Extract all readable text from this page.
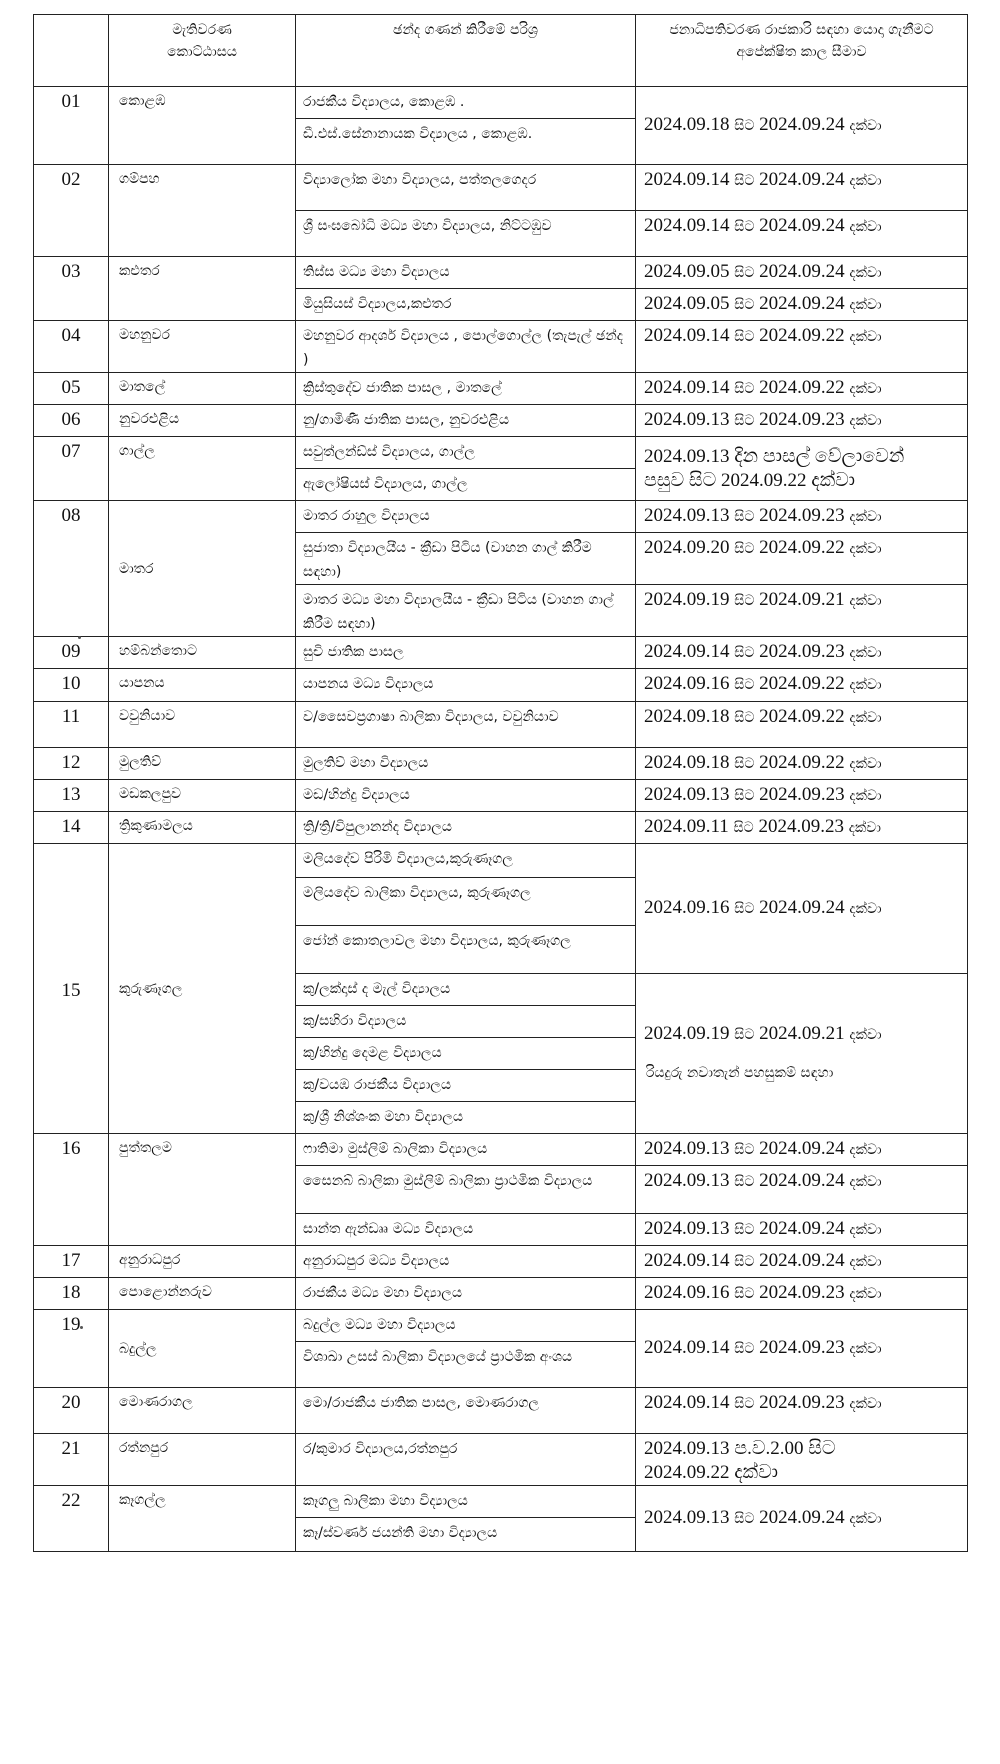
	මැතිවරණ කොට්ඨාසය	ඡන්ද ගණන් කිරීමේ පරිශ්‍ර	ජනාධිපතිවරණ රාජකාරි සඳහා යොදා ගැනීමට අපේක්ෂිත කාල සීමාව
01	කොළඹ	රාජකීය විද්‍යාලය, කොළඹ .	2024.09.18 සිට 2024.09.24 දක්වා
		ඩී.එස්.සේනානායක විද්‍යාලය , කොළඹ.	
02	ගම්පහ	විද්‍යාලෝක මහා විද්‍යාලය, පත්තලගෙදර	2024.09.14 සිට 2024.09.24 දක්වා
		ශ්‍රී සංඝබෝධි මධ්‍ය මහා විද්‍යාලය, නිට්ටඹුව	2024.09.14 සිට 2024.09.24 දක්වා
03	කළුතර	තිස්ස මධ්‍ය මහා විද්‍යාලය	2024.09.05 සිට 2024.09.24 දක්වා
		මියුසියස් විද්‍යාලය,කළුතර	2024.09.05 සිට 2024.09.24 දක්වා
04	මහනුවර	මහනුවර ආදර්ශ විද්‍යාලය , පොල්ගොල්ල (තැපැල් ඡන්ද )	2024.09.14 සිට 2024.09.22 දක්වා
05	මාතලේ	ක්‍රිස්තුදේව ජාතික පාසල , මාතලේ	2024.09.14 සිට 2024.09.22 දක්වා
06	නුවරඑළිය	නු/ගාමිණී ජාතික පාසල, නුවරඑළිය	2024.09.13 සිට 2024.09.23 දක්වා
07	ගාල්ල	සවුත්ලන්ඩ්ස් විද්‍යාලය, ගාල්ල	2024.09.13 දින පාසල් වේලාවෙන්
පසුව සිට 2024.09.22 දක්වා

		ඇලෝෂියස් විද්‍යාලය, ගාල්ල	
08	මාතර	මාතර රාහුල විද්‍යාලය	2024.09.13 සිට 2024.09.23 දක්වා
		සුජාතා විද්‍යාලයීය - ක්‍රීඩා පිටිය (වාහන ගාල් කිරීම සඳහා)	2024.09.20 සිට 2024.09.22 දක්වා
		මාතර මධ්‍ය මහා විද්‍යාලයීය - ක්‍රීඩා පිටිය (වාහන ගාල් කිරීම සඳහා)	2024.09.19 සිට 2024.09.21 දක්වා
09	හම්බන්තොට	සුචි ජාතික පාසල	2024.09.14 සිට 2024.09.23 දක්වා
10	යාපනය	යාපනය මධ්‍ය විද්‍යාලය	2024.09.16 සිට 2024.09.22 දක්වා
11	වවුනියාව	ව/සෛවප්‍රගාෂා බාලිකා විද්‍යාලය, වවුනියාව	2024.09.18 සිට 2024.09.22 දක්වා
12	මුලතිව්	මුලතිව් මහා විද්‍යාලය	2024.09.18 සිට 2024.09.22 දක්වා
13	මඩකලපුව	මඩ/හින්දු විද්‍යාලය	2024.09.13 සිට 2024.09.23 දක්වා
14	ත්‍රිකුණාමලය	ත්‍රි/ත්‍රි/විපුලානන්ද විද්‍යාලය	2024.09.11 සිට 2024.09.23 දක්වා
15	කුරුණෑගල	මලියදේව පිරිමි විද්‍යාලය,කුරුණෑගල	2024.09.16 සිට 2024.09.24 දක්වා
		මලියදේව බාලිකා විද්‍යාලය, කුරුණෑගල	
		ජෝන් කොතලාවල මහා විද්‍යාලය, කුරුණෑගල	
		කු/ලක්දාස් ද මැල් විද්‍යාලය	2024.09.19 සිට 2024.09.21 දක්වා
රියදුරු නවාතැන් පහසුකම් සඳහා

		කු/සහිරා විද්‍යාලය	
		කු/හින්දු දෙමළ විද්‍යාලය	
		කු/වයඹ රාජකීය විද්‍යාලය	
		කු/ශ්‍රී නිශ්ශංක මහා විද්‍යාලය	
16	පුත්තලම	ෆාතිමා මුස්ලිම් බාලිකා විද්‍යාලය	2024.09.13 සිට 2024.09.24 දක්වා
		සෛනබ් බාලිකා මුස්ලිම් බාලිකා ප්‍රාථමික විද්‍යාලය	2024.09.13 සිට 2024.09.24 දක්වා
		සාන්ත ඇන්ඩ්‍රූ මධ්‍ය විද්‍යාලය	2024.09.13 සිට 2024.09.24 දක්වා
17	අනුරාධපුර	අනුරාධපුර මධ්‍ය විද්‍යාලය	2024.09.14 සිට 2024.09.24 දක්වා
18	පොළොන්නරුව	රාජකීය මධ්‍ය මහා විද්‍යාලය	2024.09.16 සිට 2024.09.23 දක්වා
19	බදුල්ල	බදුල්ල මධ්‍ය මහා විද්‍යාලය	2024.09.14 සිට 2024.09.23 දක්වා
		විශාඛා උසස් බාලිකා විද්‍යාලයේ ප්‍රාථමික අංශය	
20	මොණරාගල	මො/රාජකීය ජාතික පාසල, මොණරාගල	2024.09.14 සිට 2024.09.23 දක්වා
21	රත්නපුර	ර/කුමාර විද්‍යාලය,රත්නපුර	2024.09.13 ප.ව.2.00 සිට
2024.09.22 දක්වා

22	කෑගල්ල	කෑගලු බාලිකා මහා විද්‍යාලය	2024.09.13 සිට 2024.09.24 දක්වා
		කෑ/ස්වර්ණ ජයන්ති මහා විද්‍යාලය	
